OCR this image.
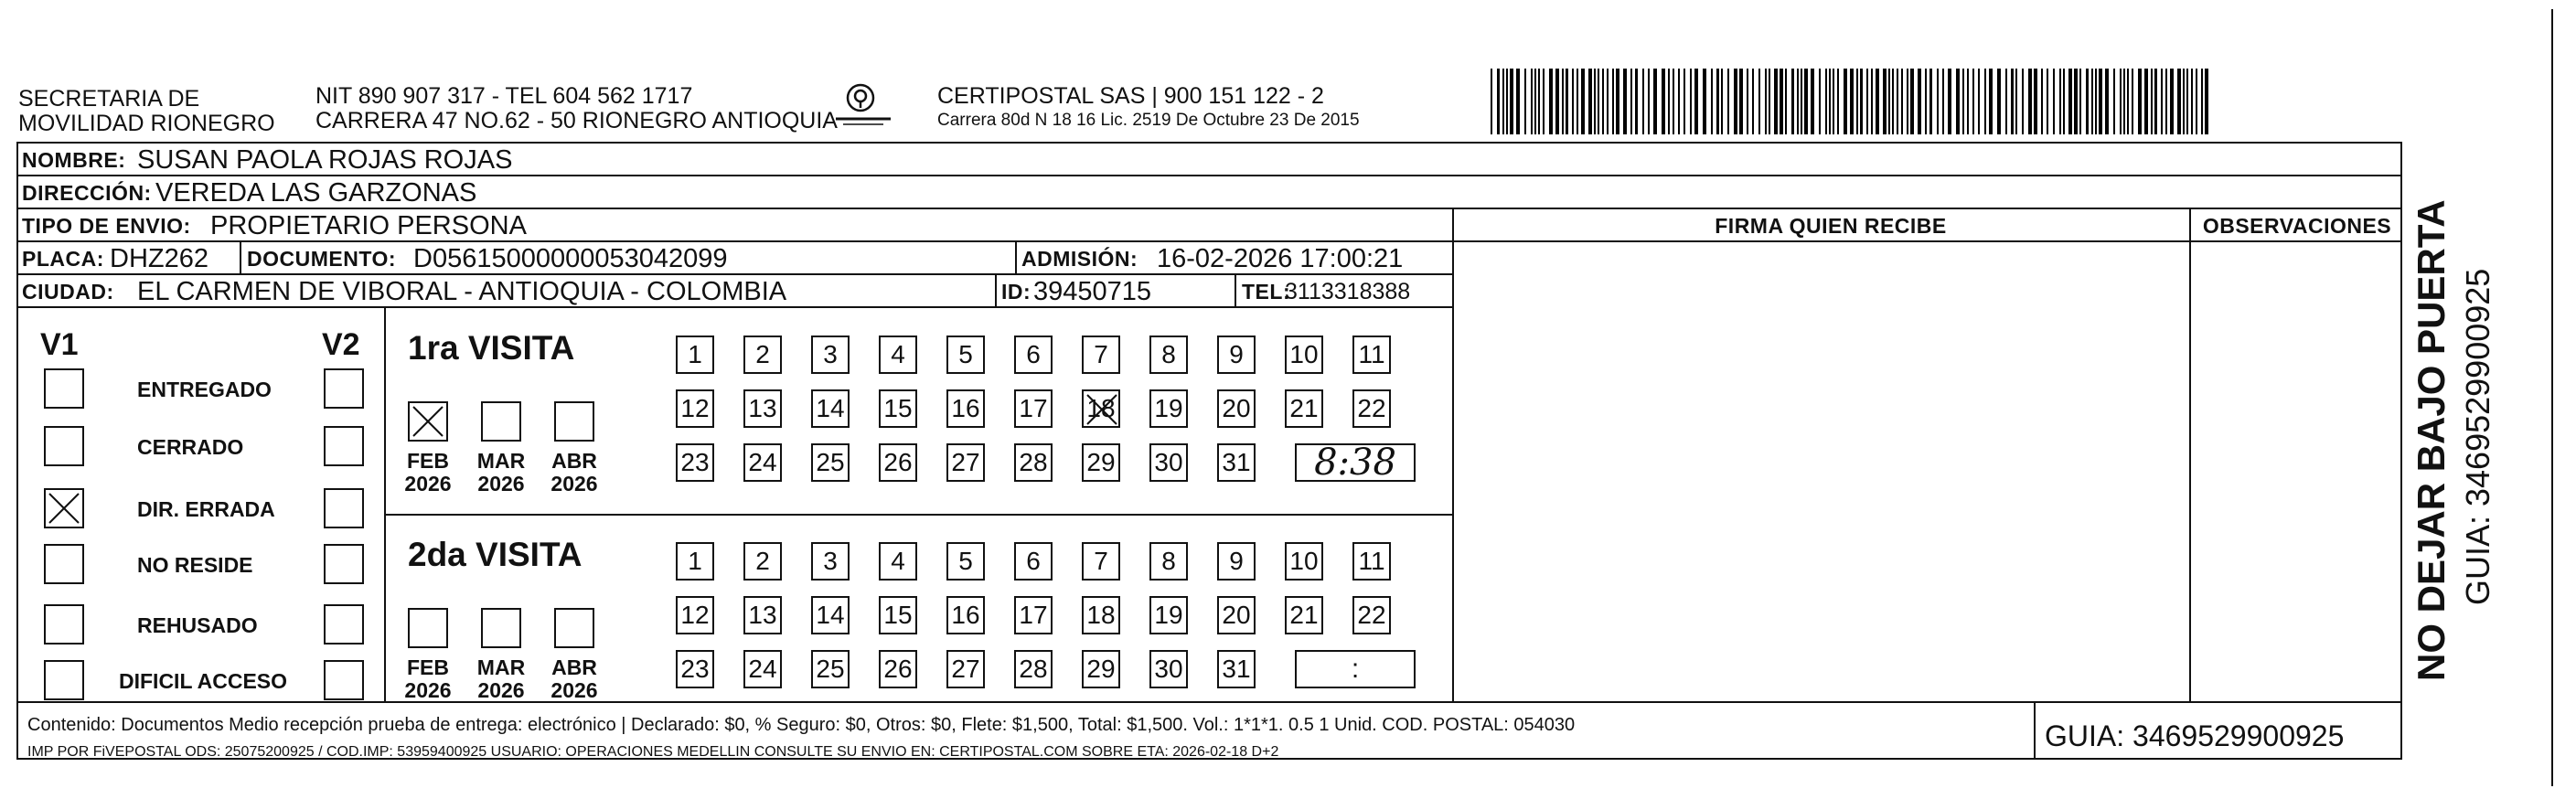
SECRETARIA DE
MOVILIDAD RIONEGRO
NIT 890 907 317 - TEL 604 562 1717
CARRERA 47 NO.62 - 50 RIONEGRO ANTIOQUIA
CERTIPOSTAL SAS | 900 151 122 - 2
Carrera 80d N 18 16 Lic. 2519 De Octubre 23 De 2015
NOMBRE: SUSAN PAOLA ROJAS ROJAS
DIRECCIÓN: VEREDA LAS GARZONAS
TIPO DE ENVIO: PROPIETARIO PERSONA	FIRMA QUIEN RECIBE	OBSERVACIONES
PLACA: DHZ262 DOCUMENTO: D05615000000053042099	ADMISIÓN: 16-02-2026 17:00:21
CIUDAD: EL CARMEN DE VIBORAL - ANTIOQUIA - COLOMBIA	ID: 39450715	TEL:
3113318388
V1	V2
ENTREGADO
CERRADO
DIR. ERRADA
NO RESIDE
REHUSADO
DIFICIL ACCESO
1ra VISITA
FEB
2026
MAR
2026
ABR
2026
1	2	3	4	5	6	7	8	9	10 11
12 13 14 15 16 17 18 19 20 21 22
23 24 25 26 27 28 29 30 31	8:38
2da VISITA
FEB
2026
MAR
2026
ABR
2026
1	2	3	4	5	6	7	8	9	10 11
12 13 14 15 16 17 18 19 20 21 22
23 24 25 26 27 28 29 30 31	:
Contenido: Documentos Medio recepción prueba de entrega: electrónico | Declarado: $0, % Seguro: $0, Otros: $0, Flete: $1,500, Total: $1,500. Vol.: 1*1*1. 0.5 1 Unid. COD. POSTAL: 054030
IMP POR FiVEPOSTAL ODS: 25075200925 / COD.IMP: 53959400925 USUARIO: OPERACIONES MEDELLIN CONSULTE SU ENVIO EN: CERTIPOSTAL.COM SOBRE ETA: 2026-02-18 D+2	GUIA: 3469529900925
NO DEJAR BAJO PUERTA GUIA: 3469529900925
